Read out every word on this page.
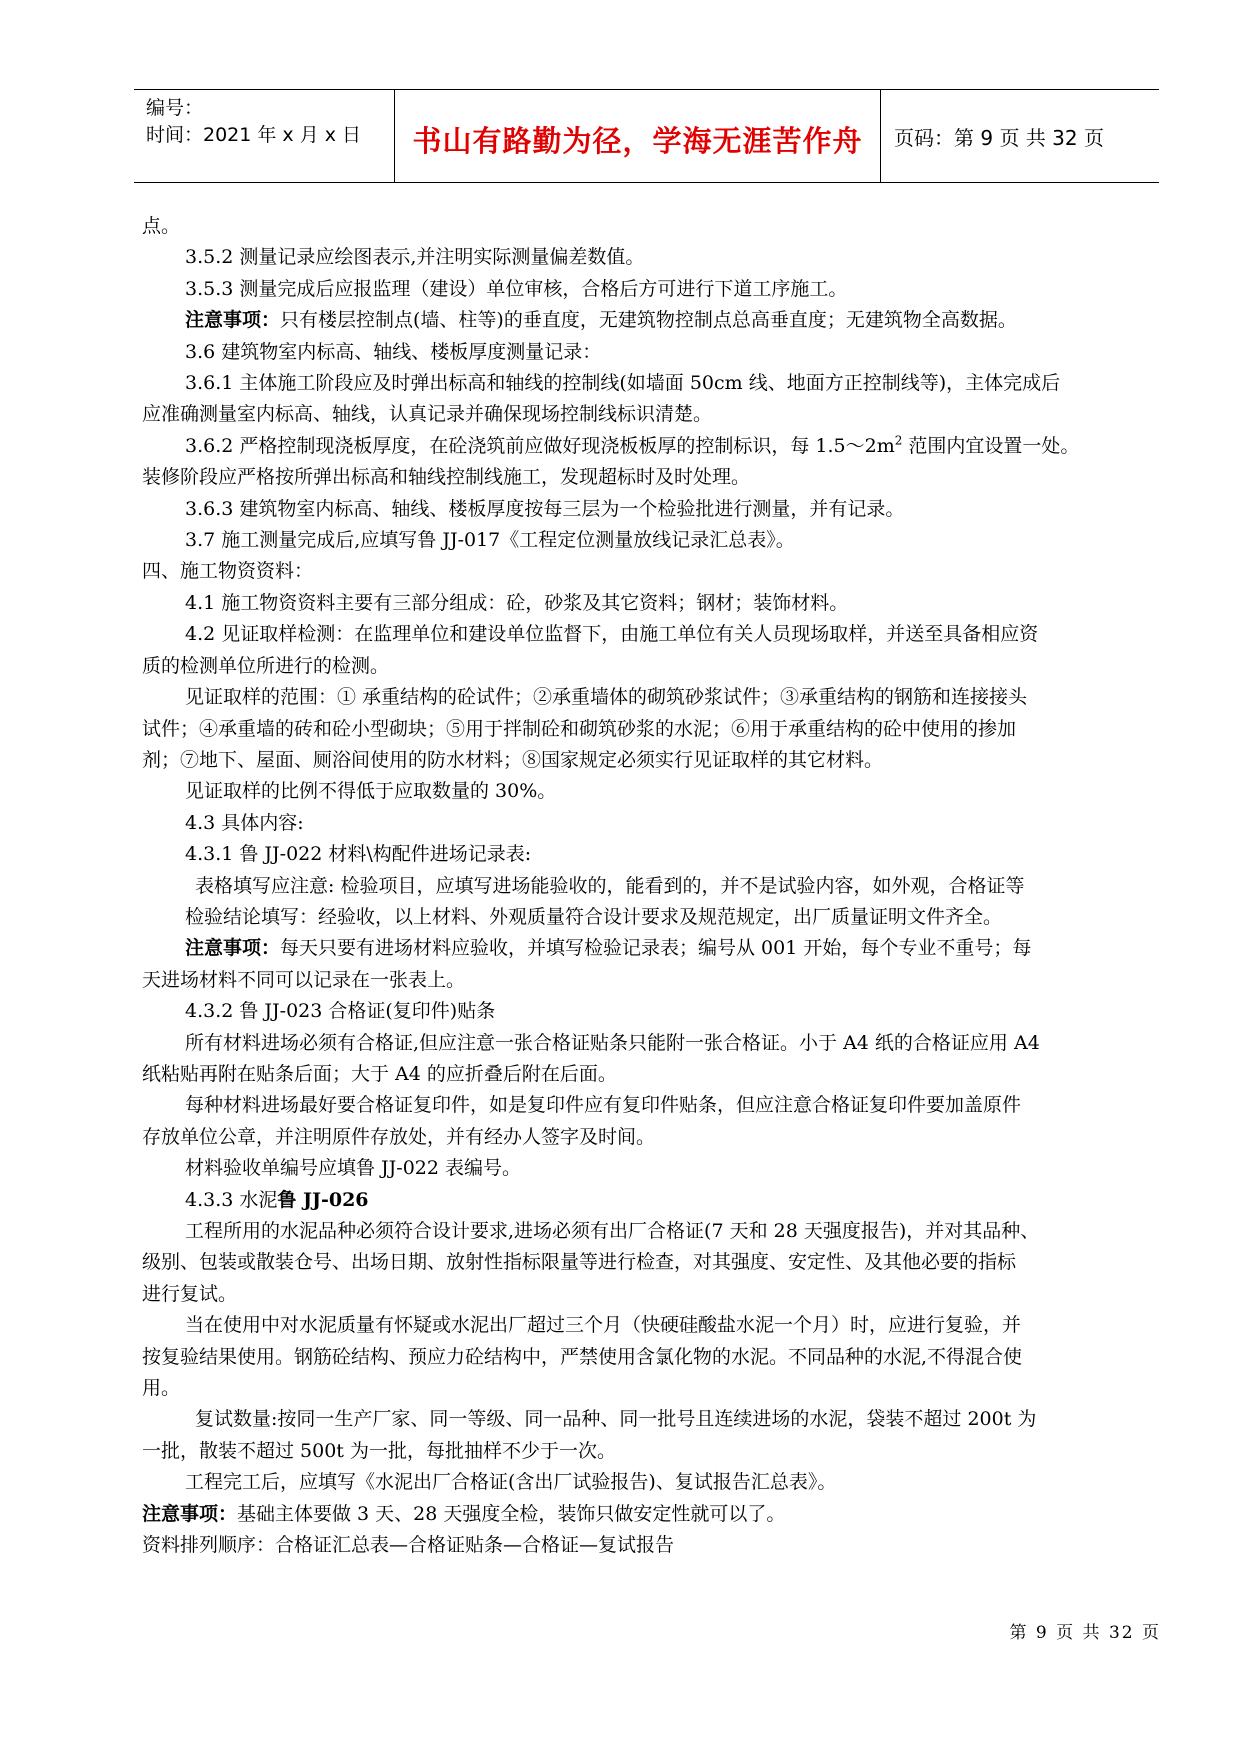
编号：
时间：2021 年 x 月 x 日	书山有路勤为径，学海无涯苦作舟	页码：第 9 页 共 32 页

点。

3.5.2 测量记录应绘图表示,并注明实际测量偏差数值。

3.5.3 测量完成后应报监理（建设）单位审核，合格后方可进行下道工序施工。

注意事项：只有楼层控制点(墙、柱等)的垂直度，无建筑物控制点总高垂直度；无建筑物全高数据。

3.6 建筑物室内标高、轴线、楼板厚度测量记录：

3.6.1 主体施工阶段应及时弹出标高和轴线的控制线(如墙面 50cm 线、地面方正控制线等)，主体完成后

应准确测量室内标高、轴线，认真记录并确保现场控制线标识清楚。

3.6.2 严格控制现浇板厚度，在砼浇筑前应做好现浇板板厚的控制标识，每 $1.5\sim 2m^2$ 范围内宜设置一处。

装修阶段应严格按所弹出标高和轴线控制线施工，发现超标时及时处理。

3.6.3 建筑物室内标高、轴线、楼板厚度按每三层为一个检验批进行测量，并有记录。

3.7 施工测量完成后,应填写鲁 JJ-017《工程定位测量放线记录汇总表》。

四、施工物资资料：

4.1 施工物资资料主要有三部分组成：砼，砂浆及其它资料；钢材；装饰材料。

4.2 见证取样检测：在监理单位和建设单位监督下，由施工单位有关人员现场取样，并送至具备相应资

质的检测单位所进行的检测。

见证取样的范围：① 承重结构的砼试件；②承重墙体的砌筑砂浆试件；③承重结构的钢筋和连接接头

试件；④承重墙的砖和砼小型砌块；⑤用于拌制砼和砌筑砂浆的水泥；⑥用于承重结构的砼中使用的掺加

剂；⑦地下、屋面、厕浴间使用的防水材料；⑧国家规定必须实行见证取样的其它材料。

见证取样的比例不得低于应取数量的 30%。

4.3 具体内容:

4.3.1 鲁 JJ-022 材料\构配件进场记录表:

表格填写应注意: 检验项目，应填写进场能验收的，能看到的，并不是试验内容，如外观，合格证等

检验结论填写：经验收，以上材料、外观质量符合设计要求及规范规定，出厂质量证明文件齐全。

注意事项：每天只要有进场材料应验收，并填写检验记录表；编号从 001 开始，每个专业不重号；每

天进场材料不同可以记录在一张表上。

4.3.2 鲁 JJ-023 合格证(复印件)贴条

所有材料进场必须有合格证,但应注意一张合格证贴条只能附一张合格证。小于 A4 纸的合格证应用 A4

纸粘贴再附在贴条后面；大于 A4 的应折叠后附在后面。

每种材料进场最好要合格证复印件，如是复印件应有复印件贴条，但应注意合格证复印件要加盖原件

存放单位公章，并注明原件存放处，并有经办人签字及时间。

材料验收单编号应填鲁 JJ-022 表编号。

4.3.3 水泥鲁 JJ-026

工程所用的水泥品种必须符合设计要求,进场必须有出厂合格证(7 天和 28 天强度报告)，并对其品种、

级别、包装或散装仓号、出场日期、放射性指标限量等进行检查，对其强度、安定性、及其他必要的指标

进行复试。

当在使用中对水泥质量有怀疑或水泥出厂超过三个月（快硬硅酸盐水泥一个月）时，应进行复验，并

按复验结果使用。钢筋砼结构、预应力砼结构中，严禁使用含氯化物的水泥。不同品种的水泥,不得混合使

用。

复试数量:按同一生产厂家、同一等级、同一品种、同一批号且连续进场的水泥，袋装不超过 200t 为

一批，散装不超过 500t 为一批，每批抽样不少于一次。

工程完工后，应填写《水泥出厂合格证(含出厂试验报告)、复试报告汇总表》。

注意事项：基础主体要做 3 天、28 天强度全检，装饰只做安定性就可以了。

资料排列顺序：合格证汇总表—合格证贴条—合格证—复试报告

第 9 页 共 32 页
